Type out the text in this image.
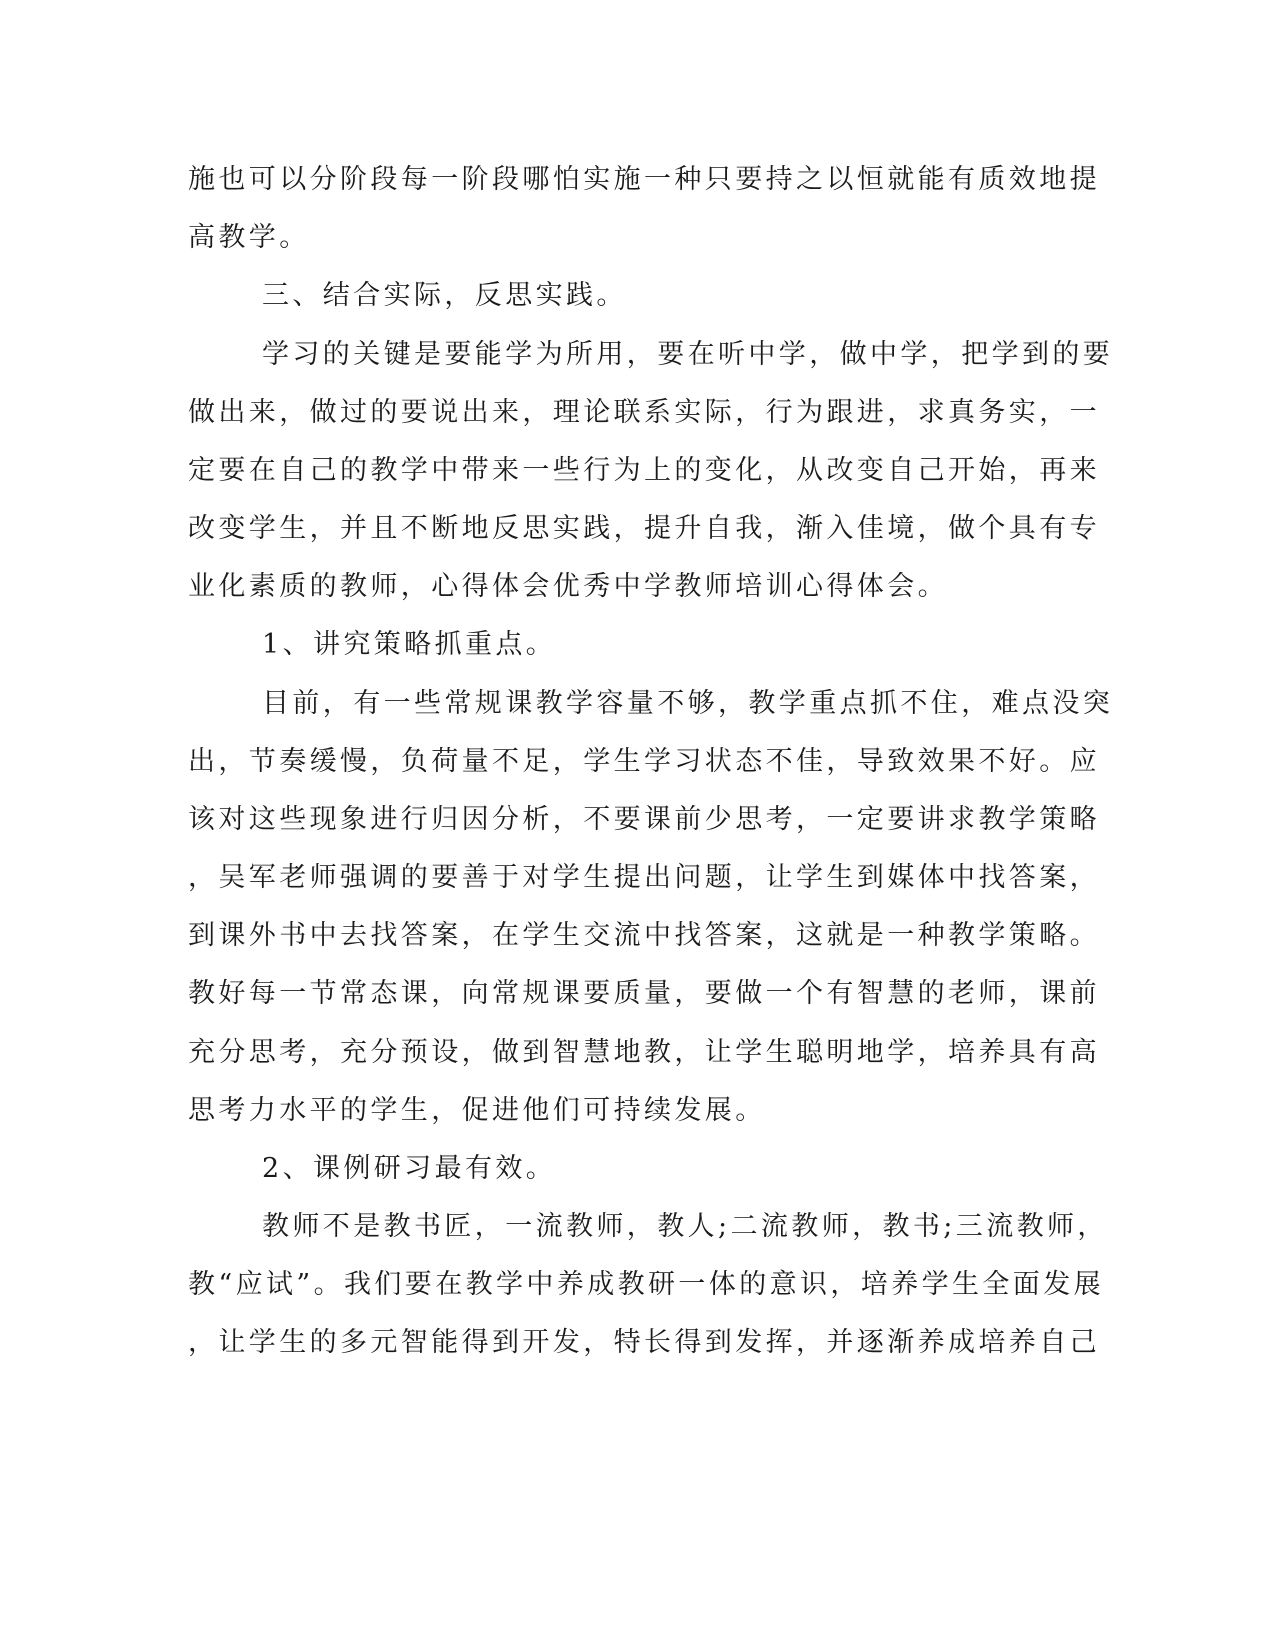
施也可以分阶段每一阶段哪怕实施一种只要持之以恒就能有质效地提
高教学。
三、结合实际，反思实践。
学习的关键是要能学为所用，要在听中学，做中学，把学到的要
做出来，做过的要说出来，理论联系实际，行为跟进，求真务实，一
定要在自己的教学中带来一些行为上的变化，从改变自己开始，再来
改变学生，并且不断地反思实践，提升自我，渐入佳境，做个具有专
业化素质的教师，心得体会优秀中学教师培训心得体会。
1、讲究策略抓重点。
目前，有一些常规课教学容量不够，教学重点抓不住，难点没突
出，节奏缓慢，负荷量不足，学生学习状态不佳，导致效果不好。应
该对这些现象进行归因分析，不要课前少思考，一定要讲求教学策略
，吴军老师强调的要善于对学生提出问题，让学生到媒体中找答案，
到课外书中去找答案，在学生交流中找答案，这就是一种教学策略。
教好每一节常态课，向常规课要质量，要做一个有智慧的老师，课前
充分思考，充分预设，做到智慧地教，让学生聪明地学，培养具有高
思考力水平的学生，促进他们可持续发展。
2、课例研习最有效。
教师不是教书匠，一流教师，教人;二流教师，教书;三流教师，
教“应试”。我们要在教学中养成教研一体的意识，培养学生全面发展
，让学生的多元智能得到开发，特长得到发挥，并逐渐养成培养自己
